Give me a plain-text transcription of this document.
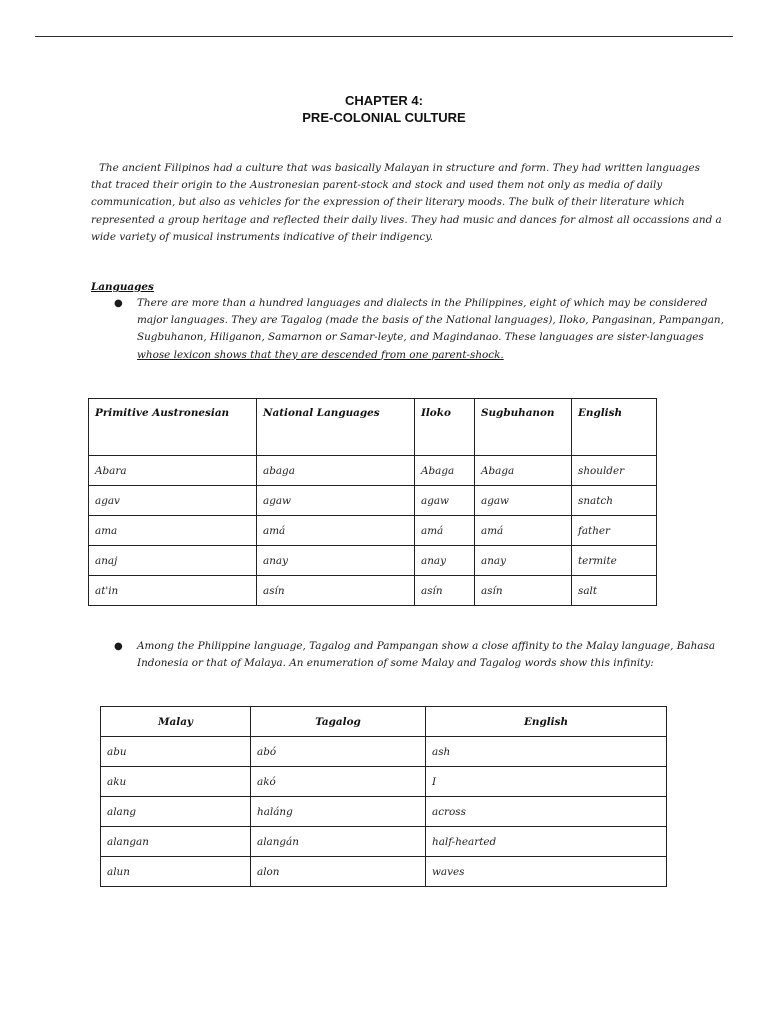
CHAPTER 4:
PRE-COLONIAL CULTURE
The ancient Filipinos had a culture that was basically Malayan in structure and form. They had written languages
that traced their origin to the Austronesian parent-stock and stock and used them not only as media of daily
communication, but also as vehicles for the expression of their literary moods. The bulk of their literature which
represented a group heritage and reflected their daily lives. They had music and dances for almost all occassions and a
wide variety of musical instruments indicative of their indigency.
Languages
● There are more than a hundred languages and dialects in the Philippines, eight of which may be considered
major languages. They are Tagalog (made the basis of the National languages), Iloko, Pangasinan, Pampangan,
Sugbuhanon, Hiliganon, Samarnon or Samar-leyte, and Magindanao. These languages are sister-languages
whose lexicon shows that they are descended from one parent-shock.
Primitive Austronesian	National Languages	Iloko	Sugbuhanon	English
Abara	abaga	Abaga	Abaga	shoulder
agav	agaw	agaw	agaw	snatch
ama	amá	amá	amá	father
anaj	anay	anay	anay	termite
at'in	asín	asín	asín	salt
● Among the Philippine language, Tagalog and Pampangan show a close affinity to the Malay language, Bahasa
Indonesia or that of Malaya. An enumeration of some Malay and Tagalog words show this infinity:
Malay	Tagalog	English
abu	abó	ash
aku	akó	I
alang	haláng	across
alangan	alangán	half-hearted
alun	alon	waves
